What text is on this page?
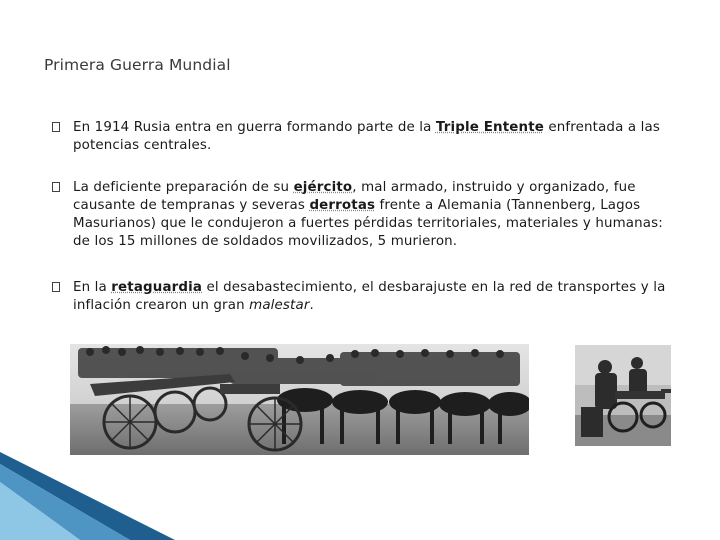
Primera Guerra Mundial
En 1914 Rusia entra en guerra formando parte de la Triple Entente enfrentada a las potencias centrales.
La deficiente preparación de su ejército, mal armado, instruido y organizado, fue causante de tempranas y severas derrotas frente a Alemania (Tannenberg, Lagos Masurianos) que le condujeron a fuertes pérdidas territoriales, materiales y humanas: de los 15 millones de soldados movilizados, 5 murieron.
En la retaguardia el desabastecimiento, el desbarajuste en la red de transportes y la inflación crearon un gran malestar.
